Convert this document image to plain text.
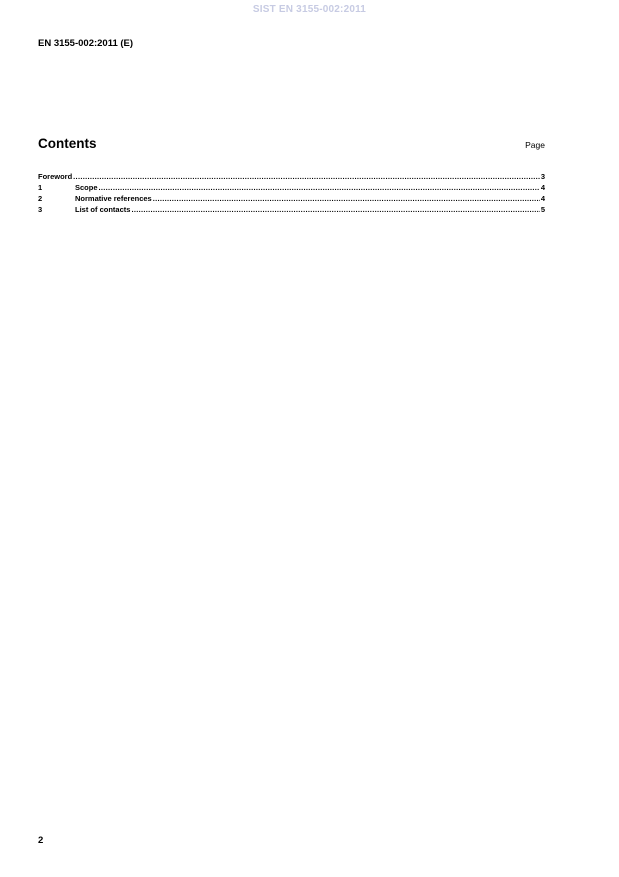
SIST EN 3155-002:2011
EN 3155-002:2011 (E)
Contents	Page
Foreword .....	3
1	Scope .....	4
2	Normative references .....	4
3	List of contacts .....	5
2
